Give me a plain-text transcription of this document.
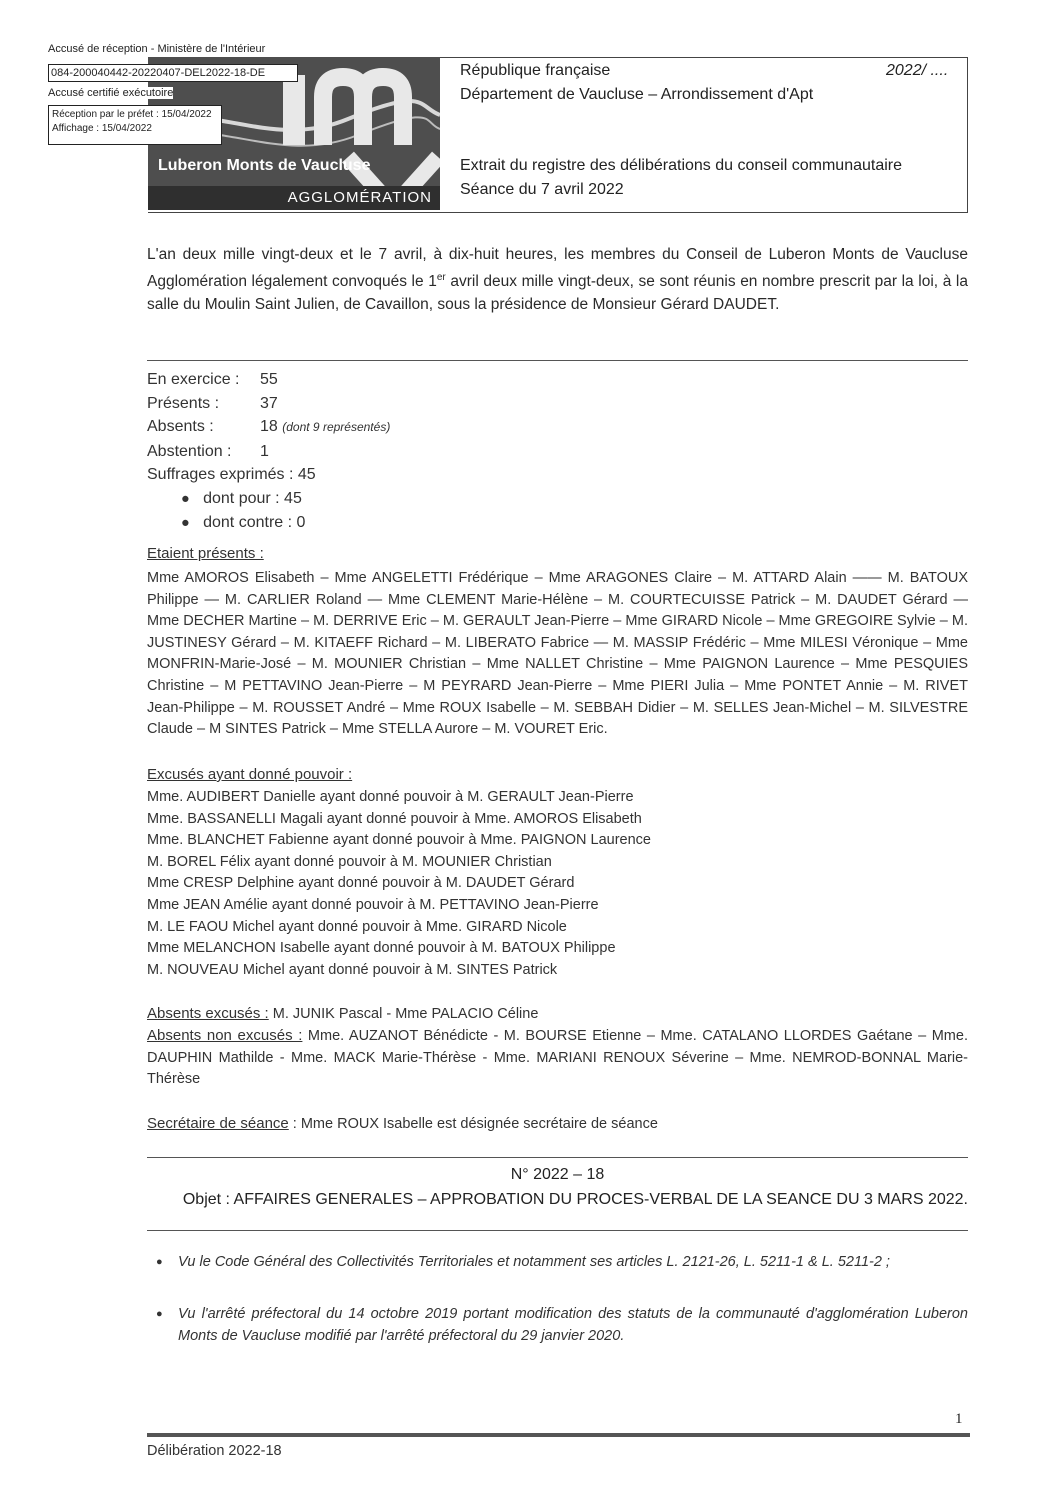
Luberon Monts de Vaucluse
AGGLOMÉRATION
Accusé de réception - Ministère de l'Intérieur
084-200040442-20220407-DEL2022-18-DE
Accusé certifié exécutoire
Réception par le préfet : 15/04/2022
Affichage : 15/04/2022
République française	2022/ ....
Département de Vaucluse – Arrondissement d'Apt
Extrait du registre des délibérations du conseil communautaire
Séance du 7 avril 2022
L'an deux mille vingt-deux et le 7 avril, à dix-huit heures, les membres du Conseil de Luberon Monts de Vaucluse Agglomération légalement convoqués le 1er avril deux mille vingt-deux, se sont réunis en nombre prescrit par la loi, à la salle du Moulin Saint Julien, de Cavaillon, sous la présidence de Monsieur Gérard DAUDET.
En exercice : 55
Présents :	37
Absents :	18 (dont 9 représentés)
Abstention : 1
Suffrages exprimés : 45
● dont pour : 45
● dont contre : 0
Etaient présents :
Mme AMOROS Elisabeth – Mme ANGELETTI Frédérique – Mme ARAGONES Claire – M. ATTARD Alain —— M. BATOUX Philippe — M. CARLIER Roland — Mme CLEMENT Marie-Hélène – M. COURTECUISSE Patrick – M. DAUDET Gérard — Mme DECHER Martine – M. DERRIVE Eric – M. GERAULT Jean-Pierre – Mme GIRARD Nicole – Mme GREGOIRE Sylvie – M. JUSTINESY Gérard – M. KITAEFF Richard – M. LIBERATO Fabrice — M. MASSIP Frédéric – Mme MILESI Véronique – Mme MONFRIN-Marie-José – M. MOUNIER Christian – Mme NALLET Christine – Mme PAIGNON Laurence – Mme PESQUIES Christine – M PETTAVINO Jean-Pierre – M PEYRARD Jean-Pierre – Mme PIERI Julia – Mme PONTET Annie – M. RIVET Jean-Philippe – M. ROUSSET André – Mme ROUX Isabelle – M. SEBBAH Didier – M. SELLES Jean-Michel – M. SILVESTRE Claude – M SINTES Patrick – Mme STELLA Aurore – M. VOURET Eric.
Excusés ayant donné pouvoir :
Mme. AUDIBERT Danielle ayant donné pouvoir à M. GERAULT Jean-Pierre
Mme. BASSANELLI Magali ayant donné pouvoir à Mme. AMOROS Elisabeth
Mme. BLANCHET Fabienne ayant donné pouvoir à Mme. PAIGNON Laurence
M. BOREL Félix ayant donné pouvoir à M. MOUNIER Christian
Mme CRESP Delphine ayant donné pouvoir à M. DAUDET Gérard
Mme JEAN Amélie ayant donné pouvoir à M. PETTAVINO Jean-Pierre
M. LE FAOU Michel ayant donné pouvoir à Mme. GIRARD Nicole
Mme MELANCHON Isabelle ayant donné pouvoir à M. BATOUX Philippe
M. NOUVEAU Michel ayant donné pouvoir à M. SINTES Patrick
Absents excusés : M. JUNIK Pascal - Mme PALACIO Céline
Absents non excusés : Mme. AUZANOT Bénédicte - M. BOURSE Etienne – Mme. CATALANO LLORDES Gaétane – Mme. DAUPHIN Mathilde - Mme. MACK Marie-Thérèse - Mme. MARIANI RENOUX Séverine – Mme. NEMROD-BONNAL Marie-Thérèse
Secrétaire de séance : Mme ROUX Isabelle est désignée secrétaire de séance
N° 2022 – 18
Objet : AFFAIRES GENERALES – APPROBATION DU PROCES-VERBAL DE LA SEANCE DU 3 MARS 2022.
● Vu le Code Général des Collectivités Territoriales et notamment ses articles L. 2121-26, L. 5211-1 & L. 5211-2 ;
● Vu l'arrêté préfectoral du 14 octobre 2019 portant modification des statuts de la communauté d'agglomération Luberon Monts de Vaucluse modifié par l'arrêté préfectoral du 29 janvier 2020.
1
Délibération 2022-18
